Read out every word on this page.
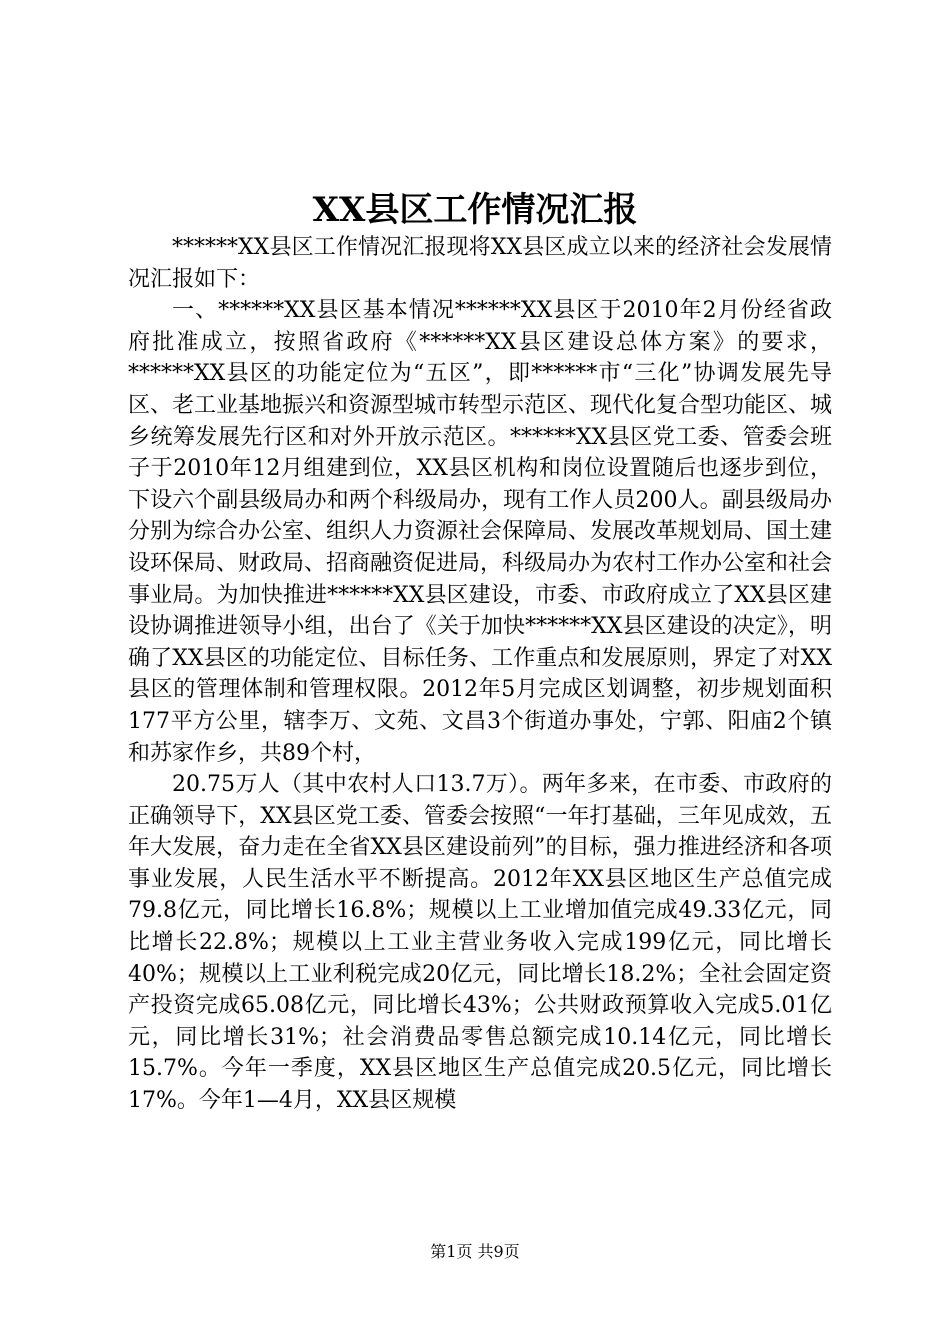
XX县区工作情况汇报

******XX县区工作情况汇报现将XX县区成立以来的经济社会发展情况汇报如下：

一、******XX县区基本情况******XX县区于2010年2月份经省政府批准成立，按照省政府《******XX县区建设总体方案》的要求，******XX县区的功能定位为“五区”，即******市“三化”协调发展先导区、老工业基地振兴和资源型城市转型示范区、现代化复合型功能区、城乡统筹发展先行区和对外开放示范区。******XX县区党工委、管委会班子于2010年12月组建到位，XX县区机构和岗位设置随后也逐步到位，下设六个副县级局办和两个科级局办，现有工作人员200人。副县级局办分别为综合办公室、组织人力资源社会保障局、发展改革规划局、国土建设环保局、财政局、招商融资促进局，科级局办为农村工作办公室和社会事业局。为加快推进******XX县区建设，市委、市政府成立了XX县区建设协调推进领导小组，出台了《关于加快******XX县区建设的决定》，明确了XX县区的功能定位、目标任务、工作重点和发展原则，界定了对XX县区的管理体制和管理权限。2012年5月完成区划调整，初步规划面积177平方公里，辖李万、文苑、文昌3个街道办事处，宁郭、阳庙2个镇和苏家作乡，共89个村，

20.75万人（其中农村人口13.7万）。两年多来，在市委、市政府的正确领导下，XX县区党工委、管委会按照“一年打基础，三年见成效，五年大发展，奋力走在全省XX县区建设前列”的目标，强力推进经济和各项事业发展，人民生活水平不断提高。2012年XX县区地区生产总值完成79.8亿元，同比增长16.8%；规模以上工业增加值完成49.33亿元，同比增长22.8%；规模以上工业主营业务收入完成199亿元，同比增长40%；规模以上工业利税完成20亿元，同比增长18.2%；全社会固定资产投资完成65.08亿元，同比增长43%；公共财政预算收入完成5.01亿元，同比增长31%；社会消费品零售总额完成10.14亿元，同比增长15.7%。今年一季度，XX县区地区生产总值完成20.5亿元，同比增长17%。今年1—4月，XX县区规模

第1页 共9页
